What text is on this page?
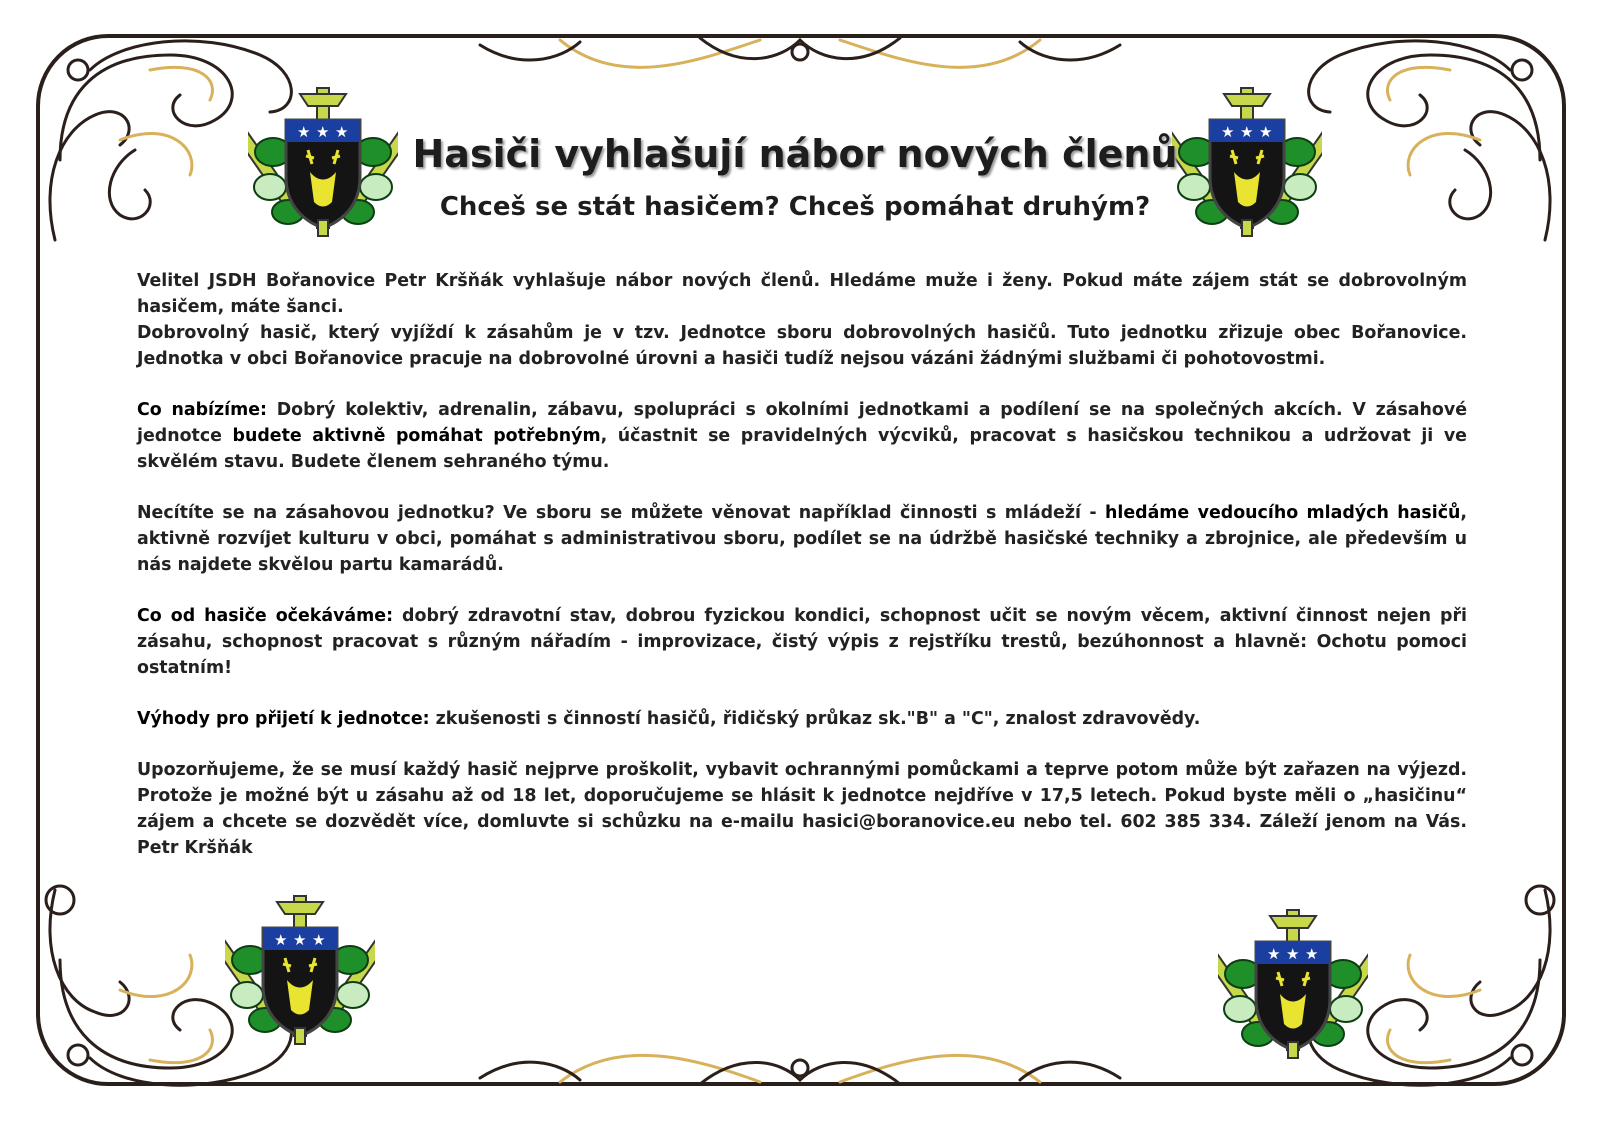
★ ★ ★	★ ★ ★
★ ★ ★
★ ★ ★
Hasiči vyhlašují nábor nových členů
Chceš se stát hasičem? Chceš pomáhat druhým?

Velitel JSDH Bořanovice Petr Kršňák vyhlašuje nábor nových členů. Hledáme muže i ženy. Pokud máte zájem stát se dobrovolným hasičem, máte šanci.

Dobrovolný hasič, který vyjíždí k zásahům je v tzv. Jednotce sboru dobrovolných hasičů. Tuto jednotku zřizuje obec Bořanovice. Jednotka v obci Bořanovice pracuje na dobrovolné úrovni a hasiči tudíž nejsou vázáni žádnými službami či pohotovostmi.

Co nabízíme: Dobrý kolektiv, adrenalin, zábavu, spolupráci s okolními jednotkami a podílení se na společných akcích. V zásahové jednotce budete aktivně pomáhat potřebným, účastnit se pravidelných výcviků, pracovat s hasičskou technikou a udržovat ji ve skvělém stavu. Budete členem sehraného týmu.

Necítíte se na zásahovou jednotku? Ve sboru se můžete věnovat například činnosti s mládeží - hledáme vedoucího mladých hasičů, aktivně rozvíjet kulturu v obci, pomáhat s administrativou sboru, podílet se na údržbě hasičské techniky a zbrojnice, ale především u nás najdete skvělou partu kamarádů.

Co od hasiče očekáváme: dobrý zdravotní stav, dobrou fyzickou kondici, schopnost učit se novým věcem, aktivní činnost nejen při zásahu, schopnost pracovat s různým nářadím - improvizace, čistý výpis z rejstříku trestů, bezúhonnost a hlavně: Ochotu pomoci ostatním!

Výhody pro přijetí k jednotce: zkušenosti s činností hasičů, řidičský průkaz sk."B" a "C", znalost zdravovědy.

Upozorňujeme, že se musí každý hasič nejprve proškolit, vybavit ochrannými pomůckami a teprve potom může být zařazen na výjezd. Protože je možné být u zásahu až od 18 let, doporučujeme se hlásit k jednotce nejdříve v 17,5 letech. Pokud byste měli o „hasičinu“ zájem a chcete se dozvědět více, domluvte si schůzku na e-mailu hasici@boranovice.eu nebo tel. 602 385 334. Záleží jenom na Vás. Petr Kršňák
